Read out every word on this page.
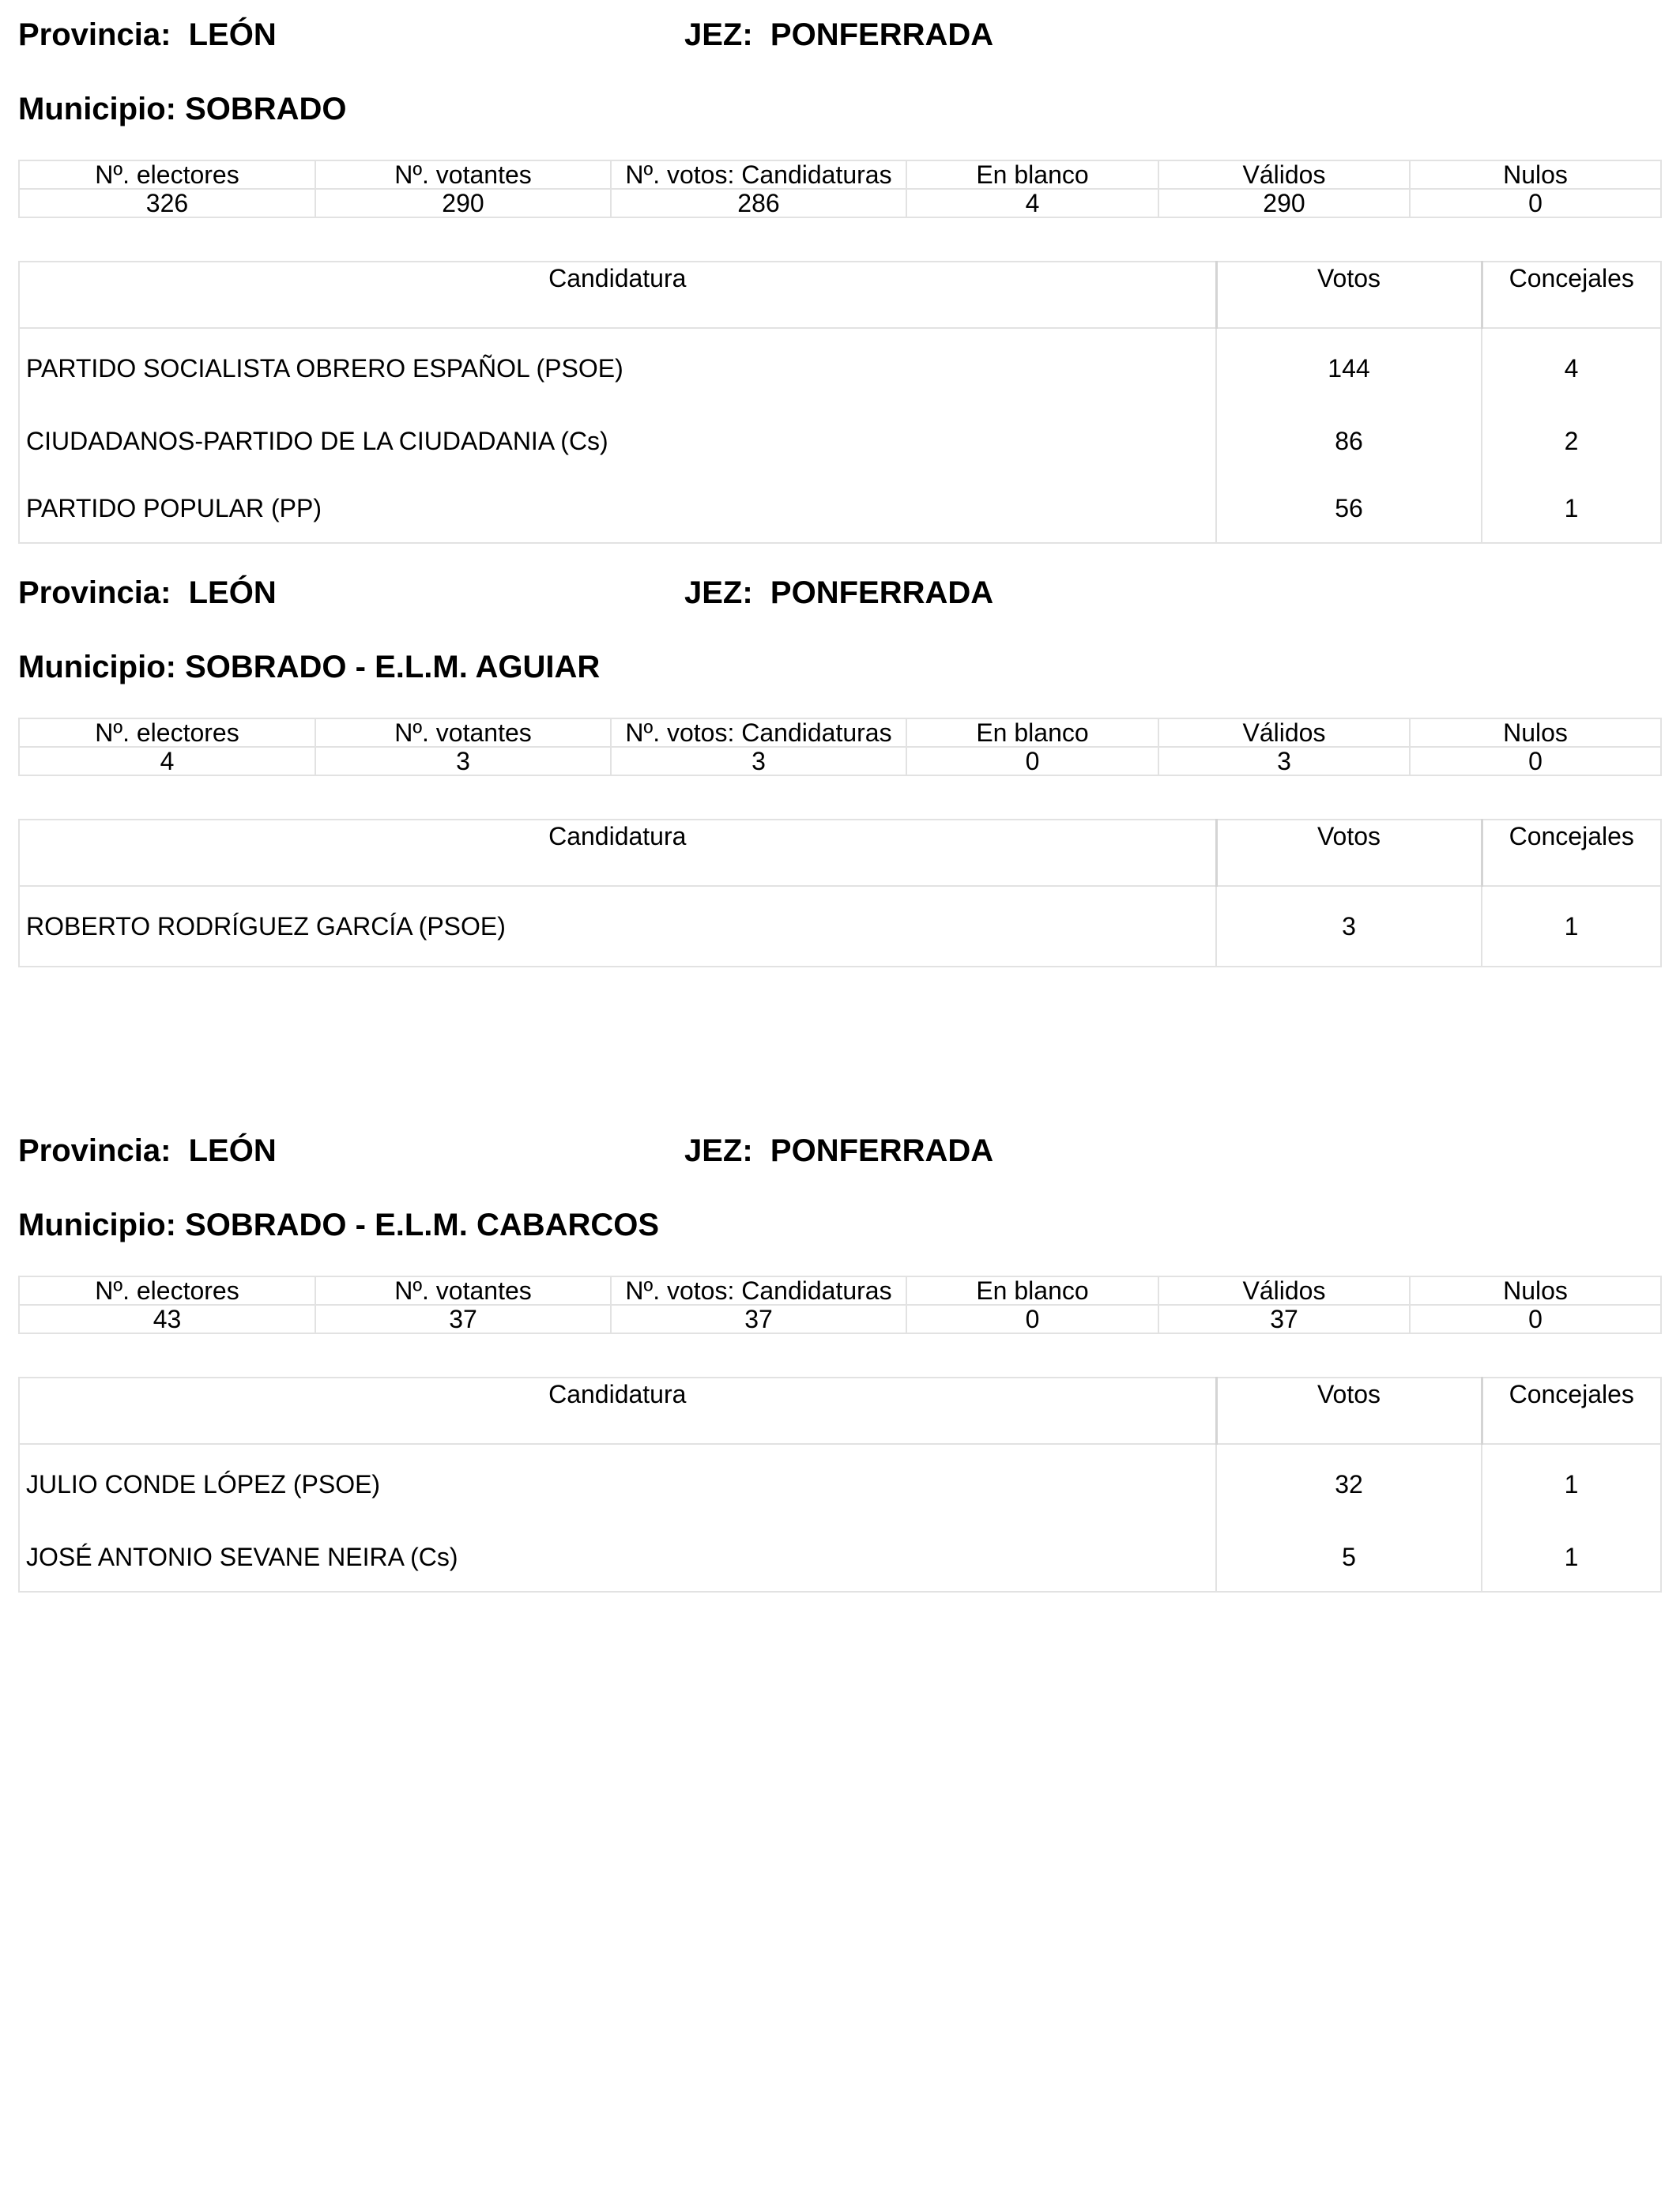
Provincia:  LEÓN	JEZ:  PONFERRADA
Municipio: SOBRADO
Nº. electores	Nº. votantes	Nº. votos: Candidaturas	En blanco	Válidos	Nulos
326	290	286	4	290	0
Candidatura	Votos	Concejales
PARTIDO SOCIALISTA OBRERO ESPAÑOL (PSOE)	144	4
CIUDADANOS-PARTIDO DE LA CIUDADANIA (Cs)	86	2
PARTIDO POPULAR (PP)	56	1
Provincia:  LEÓN	JEZ:  PONFERRADA
Municipio: SOBRADO - E.L.M. AGUIAR
Nº. electores	Nº. votantes	Nº. votos: Candidaturas	En blanco	Válidos	Nulos
4	3	3	0	3	0
Candidatura	Votos	Concejales
ROBERTO RODRÍGUEZ GARCÍA (PSOE)	3	1
Provincia:  LEÓN	JEZ:  PONFERRADA
Municipio: SOBRADO - E.L.M. CABARCOS
Nº. electores	Nº. votantes	Nº. votos: Candidaturas	En blanco	Válidos	Nulos
43	37	37	0	37	0
Candidatura	Votos	Concejales
JULIO CONDE LÓPEZ (PSOE)	32	1
JOSÉ ANTONIO SEVANE NEIRA (Cs)	5	1
